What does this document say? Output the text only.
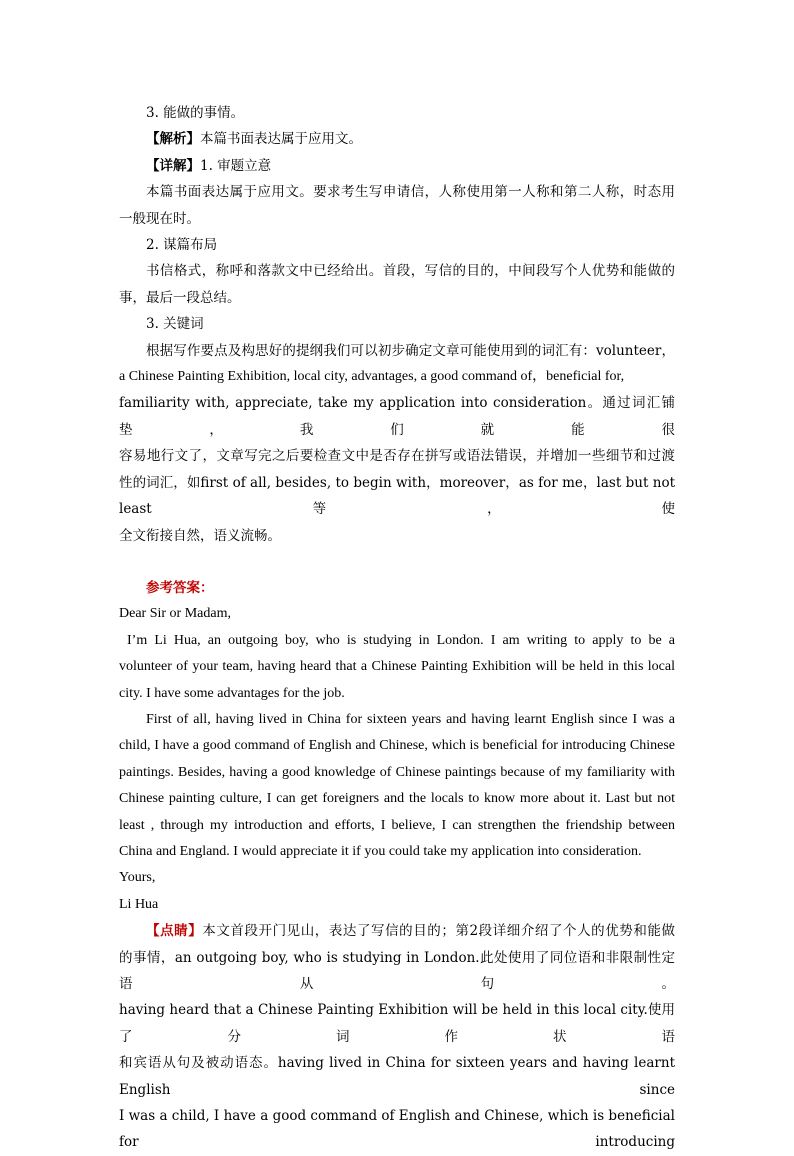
3. 能做的事情。

【解析】本篇书面表达属于应用文。

【详解】1. 审题立意

本篇书面表达属于应用文。要求考生写申请信，人称使用第一人称和第二人称，时态用

一般现在时。

2. 谋篇布局

书信格式，称呼和落款文中已经给出。首段，写信的目的，中间段写个人优势和能做的

事，最后一段总结。

3. 关键词

根据写作要点及构思好的提纲我们可以初步确定文章可能使用到的词汇有：volunteer，

a Chinese Painting Exhibition, local city, advantages, a good command of，beneficial for,

familiarity with, appreciate, take my application into consideration。通过词汇铺垫，我们就能很

容易地行文了，文章写完之后要检查文中是否存在拼写或语法错误，并增加一些细节和过渡

性的词汇，如first of all, besides, to begin with，moreover，as for me，last but not least等，使

全文衔接自然，语义流畅。

参考答案：

Dear Sir or Madam,

I’m Li Hua, an outgoing boy, who is studying in London. I am writing to apply to be a

volunteer of your team, having heard that a Chinese Painting Exhibition will be held in this local

city. I have some advantages for the job.

First of all, having lived in China for sixteen years and having learnt English since I was a

child, I have a good command of English and Chinese, which is beneficial for introducing Chinese

paintings. Besides, having a good knowledge of Chinese paintings because of my familiarity with

Chinese painting culture, I can get foreigners and the locals to know more about it. Last but not

least , through my introduction and efforts, I believe, I can strengthen the friendship between

China and England. I would appreciate it if you could take my application into consideration.

Yours,

Li Hua

【点睛】本文首段开门见山，表达了写信的目的；第2段详细介绍了个人的优势和能做

的事情，an outgoing boy, who is studying in London.此处使用了同位语和非限制性定语从句。

having heard that a Chinese Painting Exhibition will be held in this local city.使用了分词作状语

和宾语从句及被动语态。having lived in China for sixteen years and having learnt English since

I was a child, I have a good command of English and Chinese, which is beneficial for introducing
